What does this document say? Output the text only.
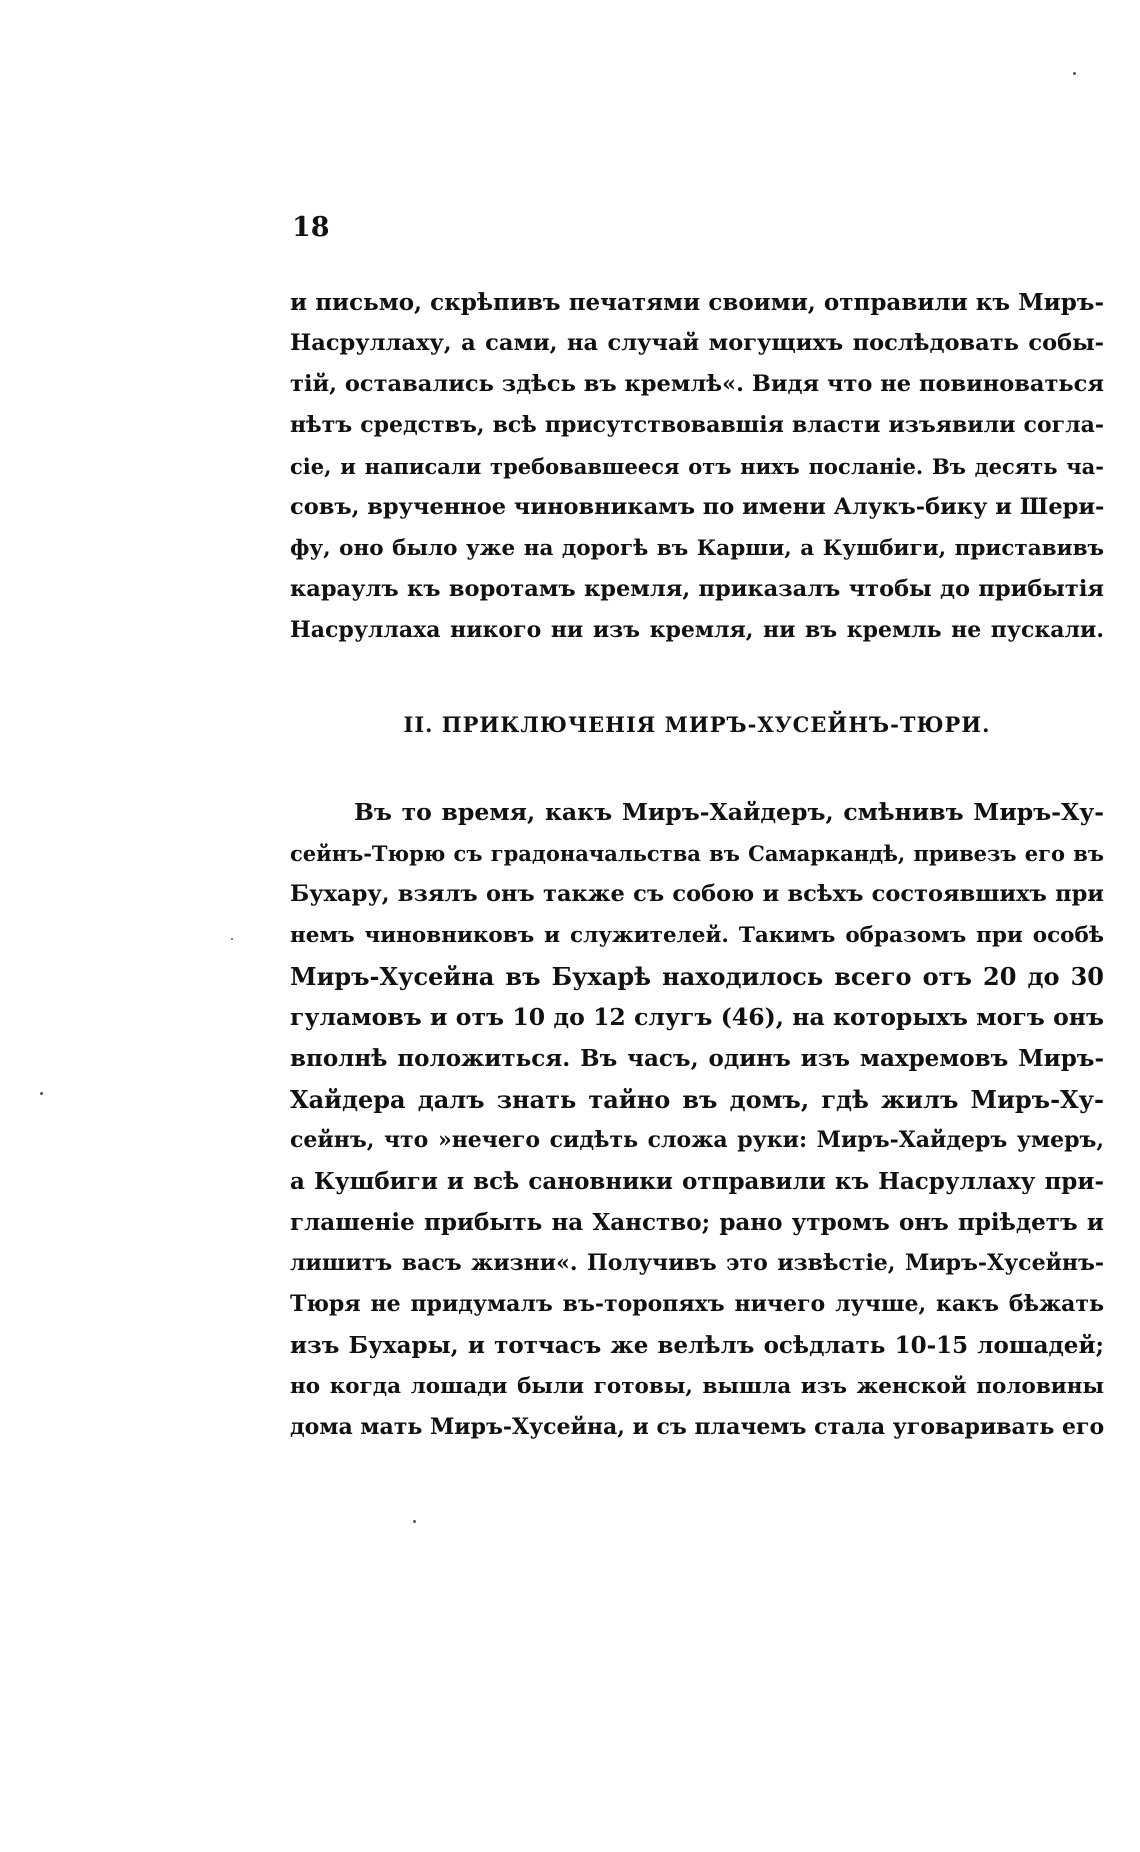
18
и письмо, скрѣпивъ печатями своими, отправили къ Миръ-
Насруллаху, а сами, на случай могущихъ послѣдовать собы-
тій, оставались здѣсь въ кремлѣ«. Видя что не повиноваться
нѣтъ средствъ, всѣ присутствовавшія власти изъявили согла-
сіе, и написали требовавшееся отъ нихъ посланіе. Въ десять ча-
совъ, врученное чиновникамъ по имени Алукъ-бику и Шери-
фу, оно было уже на дорогѣ въ Карши, а Кушбиги, приставивъ
караулъ къ воротамъ кремля, приказалъ чтобы до прибытія
Насруллаха никого ни изъ кремля, ни въ кремль не пускали.
II. ПРИКЛЮЧЕНІЯ МИРЪ-ХУСЕЙНЪ-ТЮРИ.
Въ то время, какъ Миръ-Хайдеръ, смѣнивъ Миръ-Ху-
сейнъ-Тюрю съ градоначальства въ Самаркандѣ, привезъ его въ
Бухару, взялъ онъ также съ собою и всѣхъ состоявшихъ при
немъ чиновниковъ и служителей. Такимъ образомъ при особѣ
Миръ-Хусейна въ Бухарѣ находилось всего отъ 20 до 30
гуламовъ и отъ 10 до 12 слугъ (46), на которыхъ могъ онъ
вполнѣ положиться. Въ часъ, одинъ изъ махремовъ Миръ-
Хайдера далъ знать тайно въ домъ, гдѣ жилъ Миръ-Ху-
сейнъ, что »нечего сидѣть сложа руки: Миръ-Хайдеръ умеръ,
а Кушбиги и всѣ сановники отправили къ Насруллаху при-
глашеніе прибыть на Ханство; рано утромъ онъ пріѣдетъ и
лишитъ васъ жизни«. Получивъ это извѣстіе, Миръ-Хусейнъ-
Тюря не придумалъ въ-торопяхъ ничего лучше, какъ бѣжать
изъ Бухары, и тотчасъ же велѣлъ осѣдлать 10-15 лошадей;
но когда лошади были готовы, вышла изъ женской половины
дома мать Миръ-Хусейна, и съ плачемъ стала уговаривать его
